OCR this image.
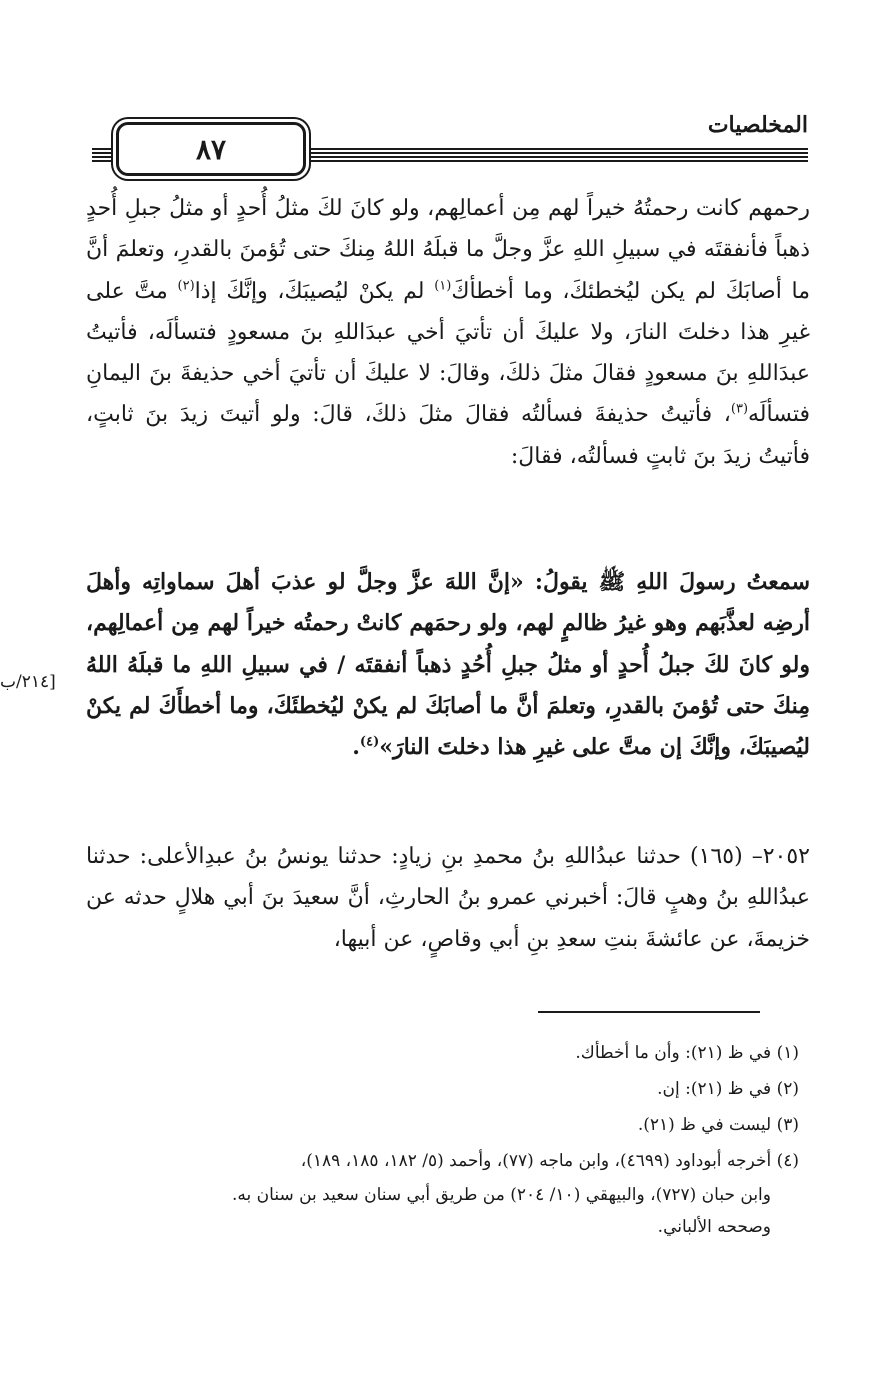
المخلصيات
٨٧
[٢١٤/ب

رحمهم كانت رحمتُهُ خيراً لهم مِن أعمالِهم، ولو كانَ لكَ مثلُ أُحدٍ أو مثلُ جبلِ أُحدٍ ذهباً فأنفقتَه في سبيلِ اللهِ عزَّ وجلَّ ما قبلَهُ اللهُ مِنكَ حتى تُؤمنَ بالقدرِ، وتعلمَ أنَّ ما أصابَكَ لم يكن ليُخطئكَ، وما أخطأكَ$^{(١)}$ لم يكنْ ليُصيبَكَ، وإنَّكَ إذا$^{(٢)}$ متَّ على غيرِ هذا دخلتَ النارَ، ولا عليكَ أن تأتيَ أخي عبدَاللهِ بنَ مسعودٍ فتسألَه، فأتيتُ عبدَاللهِ بنَ مسعودٍ فقالَ مثلَ ذلكَ، وقالَ: لا عليكَ أن تأتيَ أخي حذيفةَ بنَ اليمانِ فتسألَه$^{(٣)}$، فأتيتُ حذيفةَ فسألتُه فقالَ مثلَ ذلكَ، قالَ: ولو أتيتَ زيدَ بنَ ثابتٍ، فأتيتُ زيدَ بنَ ثابتٍ فسألتُه، فقالَ:

سمعتُ رسولَ اللهِ ﷺ يقولُ: «إنَّ اللهَ عزَّ وجلَّ لو عذبَ أهلَ سماواتِه وأهلَ أرضِه لعذَّبَهم وهو غيرُ ظالمٍ لهم، ولو رحمَهم كانتْ رحمتُه خيراً لهم مِن أعمالِهم، ولو كانَ لكَ جبلُ أُحدٍ أو مثلُ جبلِ أُحُدٍ ذهباً أنفقتَه / في سبيلِ اللهِ ما قبلَهُ اللهُ مِنكَ حتى تُؤمنَ بالقدرِ، وتعلمَ أنَّ ما أصابَكَ لم يكنْ ليُخطئَكَ، وما أخطأَكَ لم يكنْ ليُصيبَكَ، وإنَّكَ إن متَّ على غيرِ هذا دخلتَ النارَ»$^{(٤)}$.

٢٠٥٢– (١٦٥) حدثنا عبدُاللهِ بنُ محمدِ بنِ زيادٍ: حدثنا يونسُ بنُ عبدِالأعلى: حدثنا عبدُاللهِ بنُ وهبٍ قالَ: أخبرني عمرو بنُ الحارثِ، أنَّ سعيدَ بنَ أبي هلالٍ حدثه عن خزيمةَ، عن عائشةَ بنتِ سعدِ بنِ أبي وقاصٍ، عن أبيها،

(١) في ظ (٢١): وأن ما أخطأك.

(٢) في ظ (٢١): إن.

(٣) ليست في ظ (٢١).

(٤) أخرجه أبوداود (٤٦٩٩)، وابن ماجه (٧٧)، وأحمد (٥/ ١٨٢، ١٨٥، ١٨٩)،

وابن حبان (٧٢٧)، والبيهقي (١٠/ ٢٠٤) من طريق أبي سنان سعيد بن سنان به.

وصححه الألباني.
